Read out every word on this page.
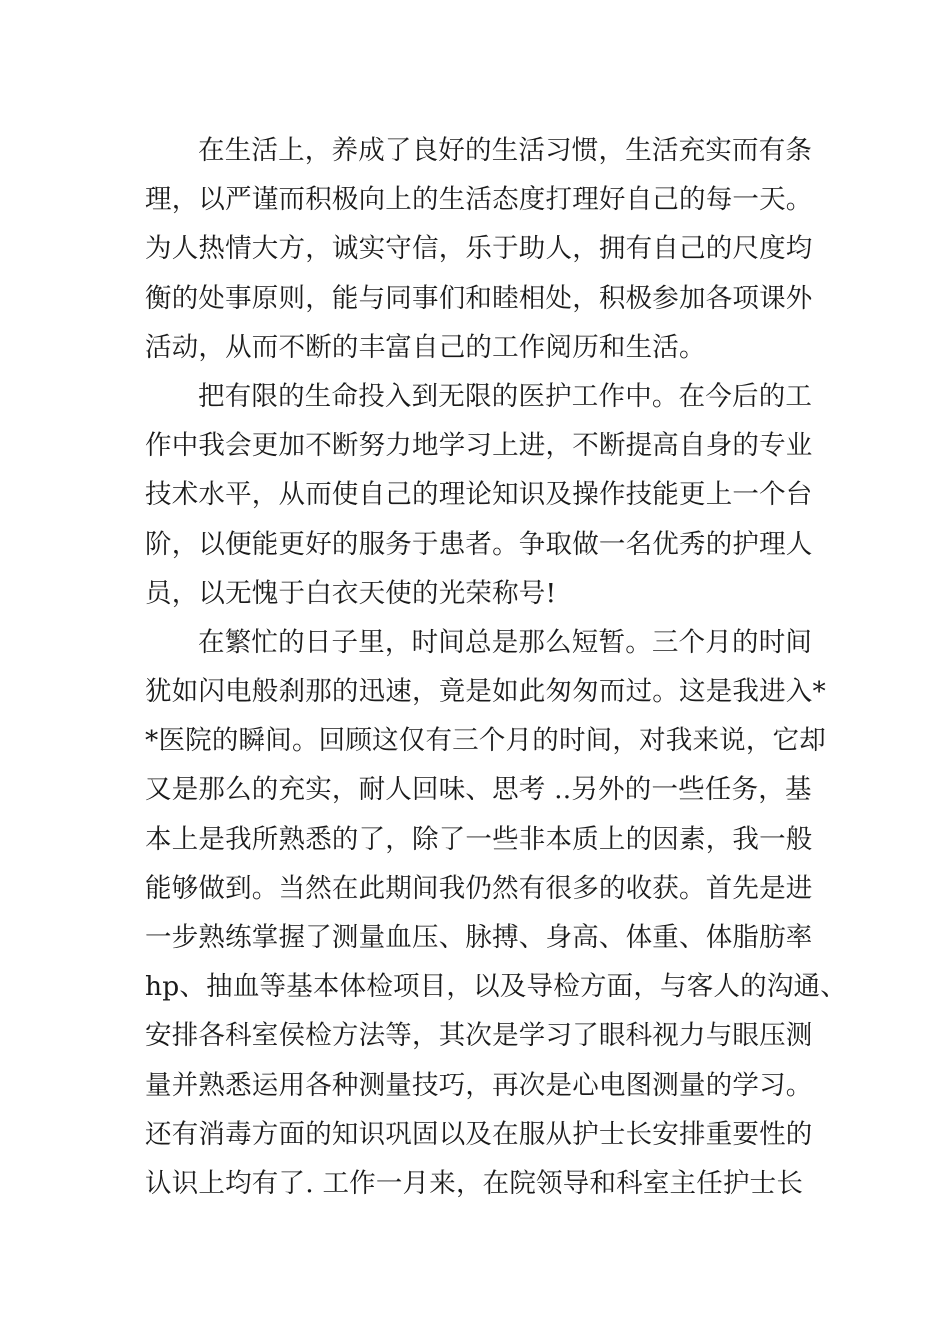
在生活上，养成了良好的生活习惯，生活充实而有条
理，以严谨而积极向上的生活态度打理好自己的每一天。
为人热情大方，诚实守信，乐于助人，拥有自己的尺度均
衡的处事原则，能与同事们和睦相处，积极参加各项课外
活动，从而不断的丰富自己的工作阅历和生活。
把有限的生命投入到无限的医护工作中。在今后的工
作中我会更加不断努力地学习上进，不断提高自身的专业
技术水平，从而使自己的理论知识及操作技能更上一个台
阶，以便能更好的服务于患者。争取做一名优秀的护理人
员，以无愧于白衣天使的光荣称号!
在繁忙的日子里，时间总是那么短暂。三个月的时间
犹如闪电般刹那的迅速，竟是如此匆匆而过。这是我进入*
*医院的瞬间。回顾这仅有三个月的时间，对我来说，它却
又是那么的充实，耐人回味、思考 ..另外的一些任务，基
本上是我所熟悉的了，除了一些非本质上的因素，我一般
能够做到。当然在此期间我仍然有很多的收获。首先是进
一步熟练掌握了测量血压、脉搏、身高、体重、体脂肪率
hp、抽血等基本体检项目，以及导检方面，与客人的沟通、
安排各科室侯检方法等，其次是学习了眼科视力与眼压测
量并熟悉运用各种测量技巧，再次是心电图测量的学习。
还有消毒方面的知识巩固以及在服从护士长安排重要性的
认识上均有了. 工作一月来，在院领导和科室主任护士长
